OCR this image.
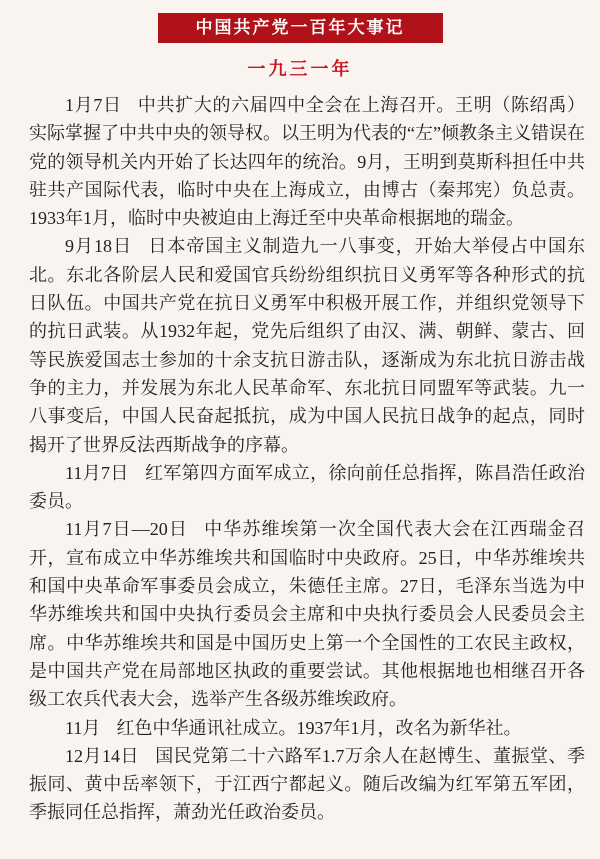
中国共产党一百年大事记
一九三一年

1月7日 中共扩大的六届四中全会在上海召开。王明（陈绍禹）实际掌握了中共中央的领导权。以王明为代表的“左”倾教条主义错误在党的领导机关内开始了长达四年的统治。9月，王明到莫斯科担任中共驻共产国际代表，临时中央在上海成立，由博古（秦邦宪）负总责。1933年1月，临时中央被迫由上海迁至中央革命根据地的瑞金。

9月18日 日本帝国主义制造九一八事变，开始大举侵占中国东北。东北各阶层人民和爱国官兵纷纷组织抗日义勇军等各种形式的抗日队伍。中国共产党在抗日义勇军中积极开展工作，并组织党领导下的抗日武装。从1932年起，党先后组织了由汉、满、朝鲜、蒙古、回等民族爱国志士参加的十余支抗日游击队，逐渐成为东北抗日游击战争的主力，并发展为东北人民革命军、东北抗日同盟军等武装。九一八事变后，中国人民奋起抵抗，成为中国人民抗日战争的起点，同时揭开了世界反法西斯战争的序幕。

11月7日 红军第四方面军成立，徐向前任总指挥，陈昌浩任政治委员。

11月7日—20日 中华苏维埃第一次全国代表大会在江西瑞金召开，宣布成立中华苏维埃共和国临时中央政府。25日，中华苏维埃共和国中央革命军事委员会成立，朱德任主席。27日，毛泽东当选为中华苏维埃共和国中央执行委员会主席和中央执行委员会人民委员会主席。中华苏维埃共和国是中国历史上第一个全国性的工农民主政权，是中国共产党在局部地区执政的重要尝试。其他根据地也相继召开各级工农兵代表大会，选举产生各级苏维埃政府。

11月 红色中华通讯社成立。1937年1月，改名为新华社。

12月14日 国民党第二十六路军1.7万余人在赵博生、董振堂、季振同、黄中岳率领下，于江西宁都起义。随后改编为红军第五军团，季振同任总指挥，萧劲光任政治委员。
